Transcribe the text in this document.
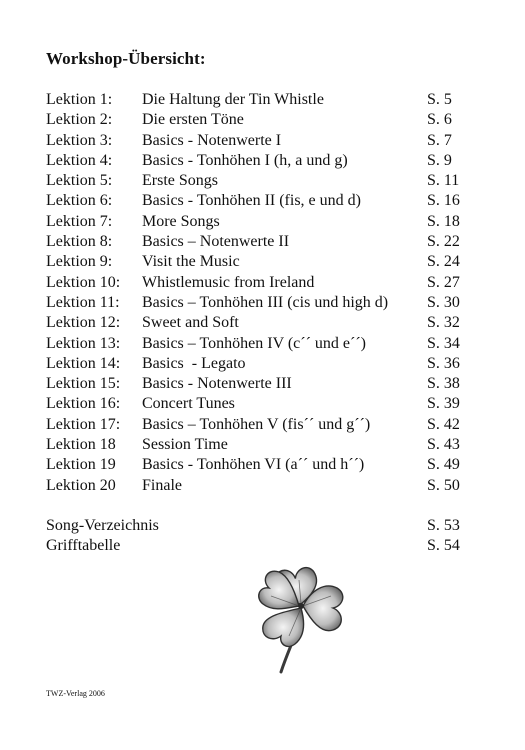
Workshop-Übersicht:
Lektion 1: Die Haltung der Tin Whistle	S. 5
Lektion 2: Die ersten Töne	S. 6
Lektion 3: Basics - Notenwerte I	S. 7
Lektion 4: Basics - Tonhöhen I (h, a und g)	S. 9
Lektion 5: Erste Songs	S. 11
Lektion 6: Basics - Tonhöhen II (fis, e und d)	S. 16
Lektion 7: More Songs	S. 18
Lektion 8: Basics – Notenwerte II	S. 22
Lektion 9: Visit the Music	S. 24
Lektion 10: Whistlemusic from Ireland	S. 27
Lektion 11: Basics – Tonhöhen III (cis und high d) S. 30
Lektion 12: Sweet and Soft	S. 32
Lektion 13: Basics – Tonhöhen IV (c´´ und e´´)	S. 34
Lektion 14: Basics  - Legato	S. 36
Lektion 15: Basics - Notenwerte III	S. 38
Lektion 16: Concert Tunes	S. 39
Lektion 17: Basics – Tonhöhen V (fis´´ und g´´)	S. 42
Lektion 18 Session Time	S. 43
Lektion 19 Basics - Tonhöhen VI (a´´ und h´´)	S. 49
Lektion 20 Finale	S. 50
Song-Verzeichnis	S. 53
Grifftabelle	S. 54
TWZ-Verlag 2006
